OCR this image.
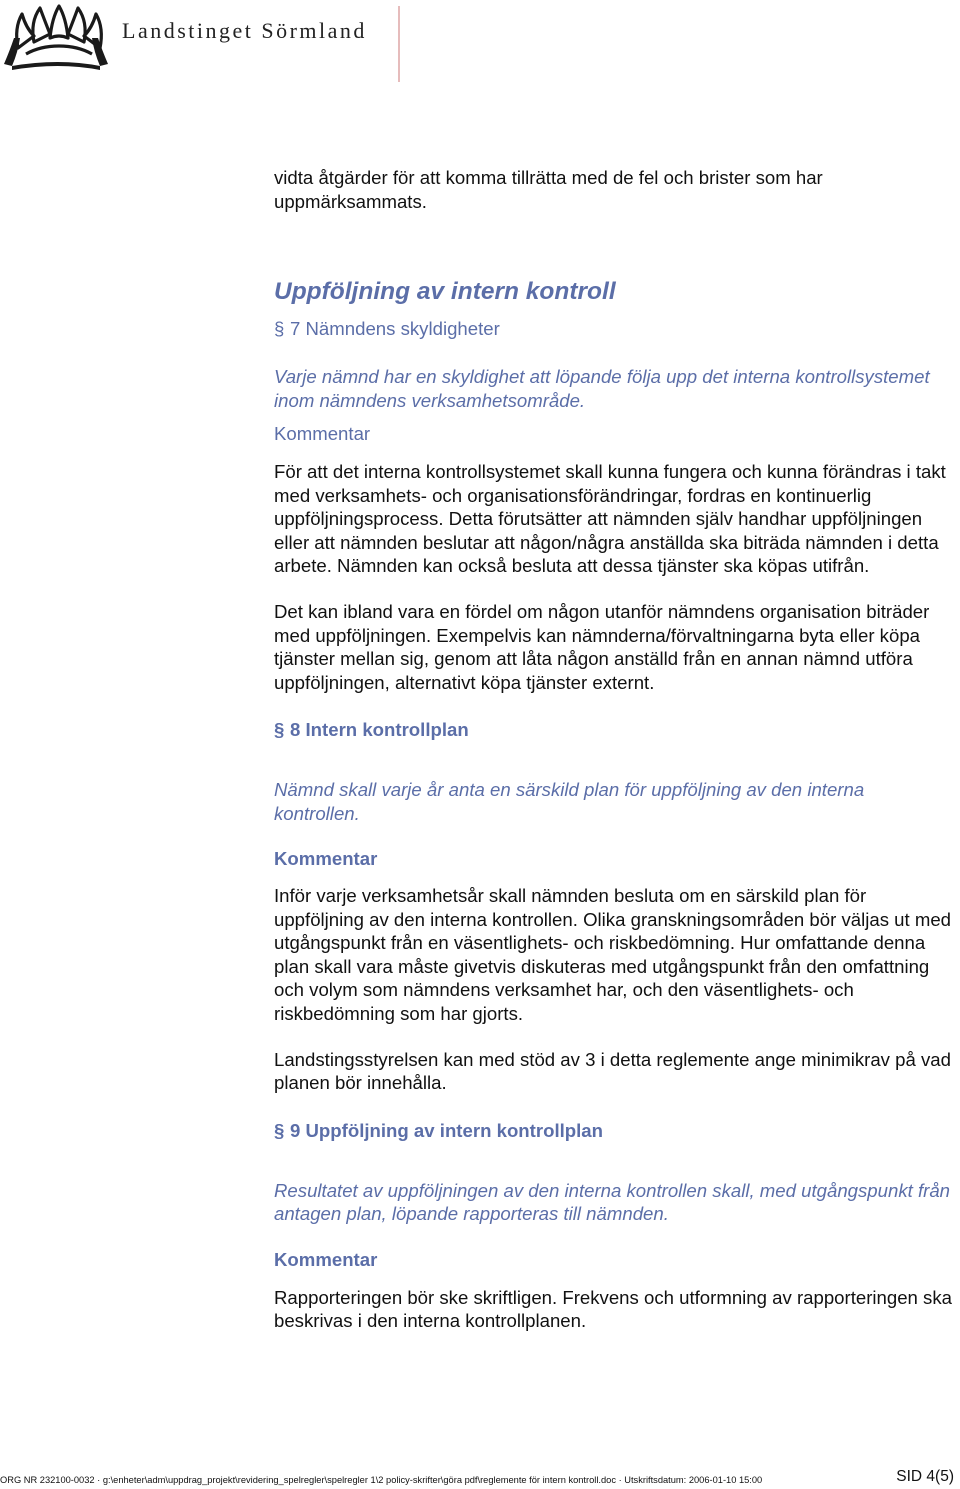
Landstinget Sörmland

vidta åtgärder för att komma tillrätta med de fel och brister som har uppmärksammats.

Uppföljning av intern kontroll
§ 7 Nämndens skyldigheter

Varje nämnd har en skyldighet att löpande följa upp det interna kontrollsystemet inom nämndens verksamhetsområde.

Kommentar

För att det interna kontrollsystemet skall kunna fungera och kunna förändras i takt med verksamhets- och organisationsförändringar, fordras en kontinuerlig uppföljningsprocess. Detta förutsätter att nämnden själv handhar uppföljningen eller att nämnden beslutar att någon/några anställda ska biträda nämnden i detta arbete. Nämnden kan också besluta att dessa tjänster ska köpas utifrån.

Det kan ibland vara en fördel om någon utanför nämndens organisation biträder med uppföljningen. Exempelvis kan nämnderna/förvaltningarna byta eller köpa tjänster mellan sig, genom att låta någon anställd från en annan nämnd utföra uppföljningen, alternativt köpa tjänster externt.

§ 8 Intern kontrollplan

Nämnd skall varje år anta en särskild plan för uppföljning av den interna kontrollen.

Kommentar

Inför varje verksamhetsår skall nämnden besluta om en särskild plan för uppföljning av den interna kontrollen. Olika granskningsområden bör väljas ut med utgångspunkt från en väsentlighets- och riskbedömning. Hur omfattande denna plan skall vara måste givetvis diskuteras med utgångspunkt från den omfattning och volym som nämndens verksamhet har, och den väsentlighets- och riskbedömning som har gjorts.

Landstingsstyrelsen kan med stöd av 3 i detta reglemente ange minimikrav på vad planen bör innehålla.

§ 9 Uppföljning av intern kontrollplan

Resultatet av uppföljningen av den interna kontrollen skall, med utgångspunkt från antagen plan, löpande rapporteras till nämnden.

Kommentar

Rapporteringen bör ske skriftligen. Frekvens och utformning av rapporteringen ska beskrivas i den interna kontrollplanen.

ORG NR 232100-0032 · g:\enheter\adm\uppdrag_projekt\revidering_spelregler\spelregler 1\2 policy-skrifter\göra pdf\reglemente för intern kontroll.doc · Utskriftsdatum: 2006-01-10 15:00	SID 4(5)
